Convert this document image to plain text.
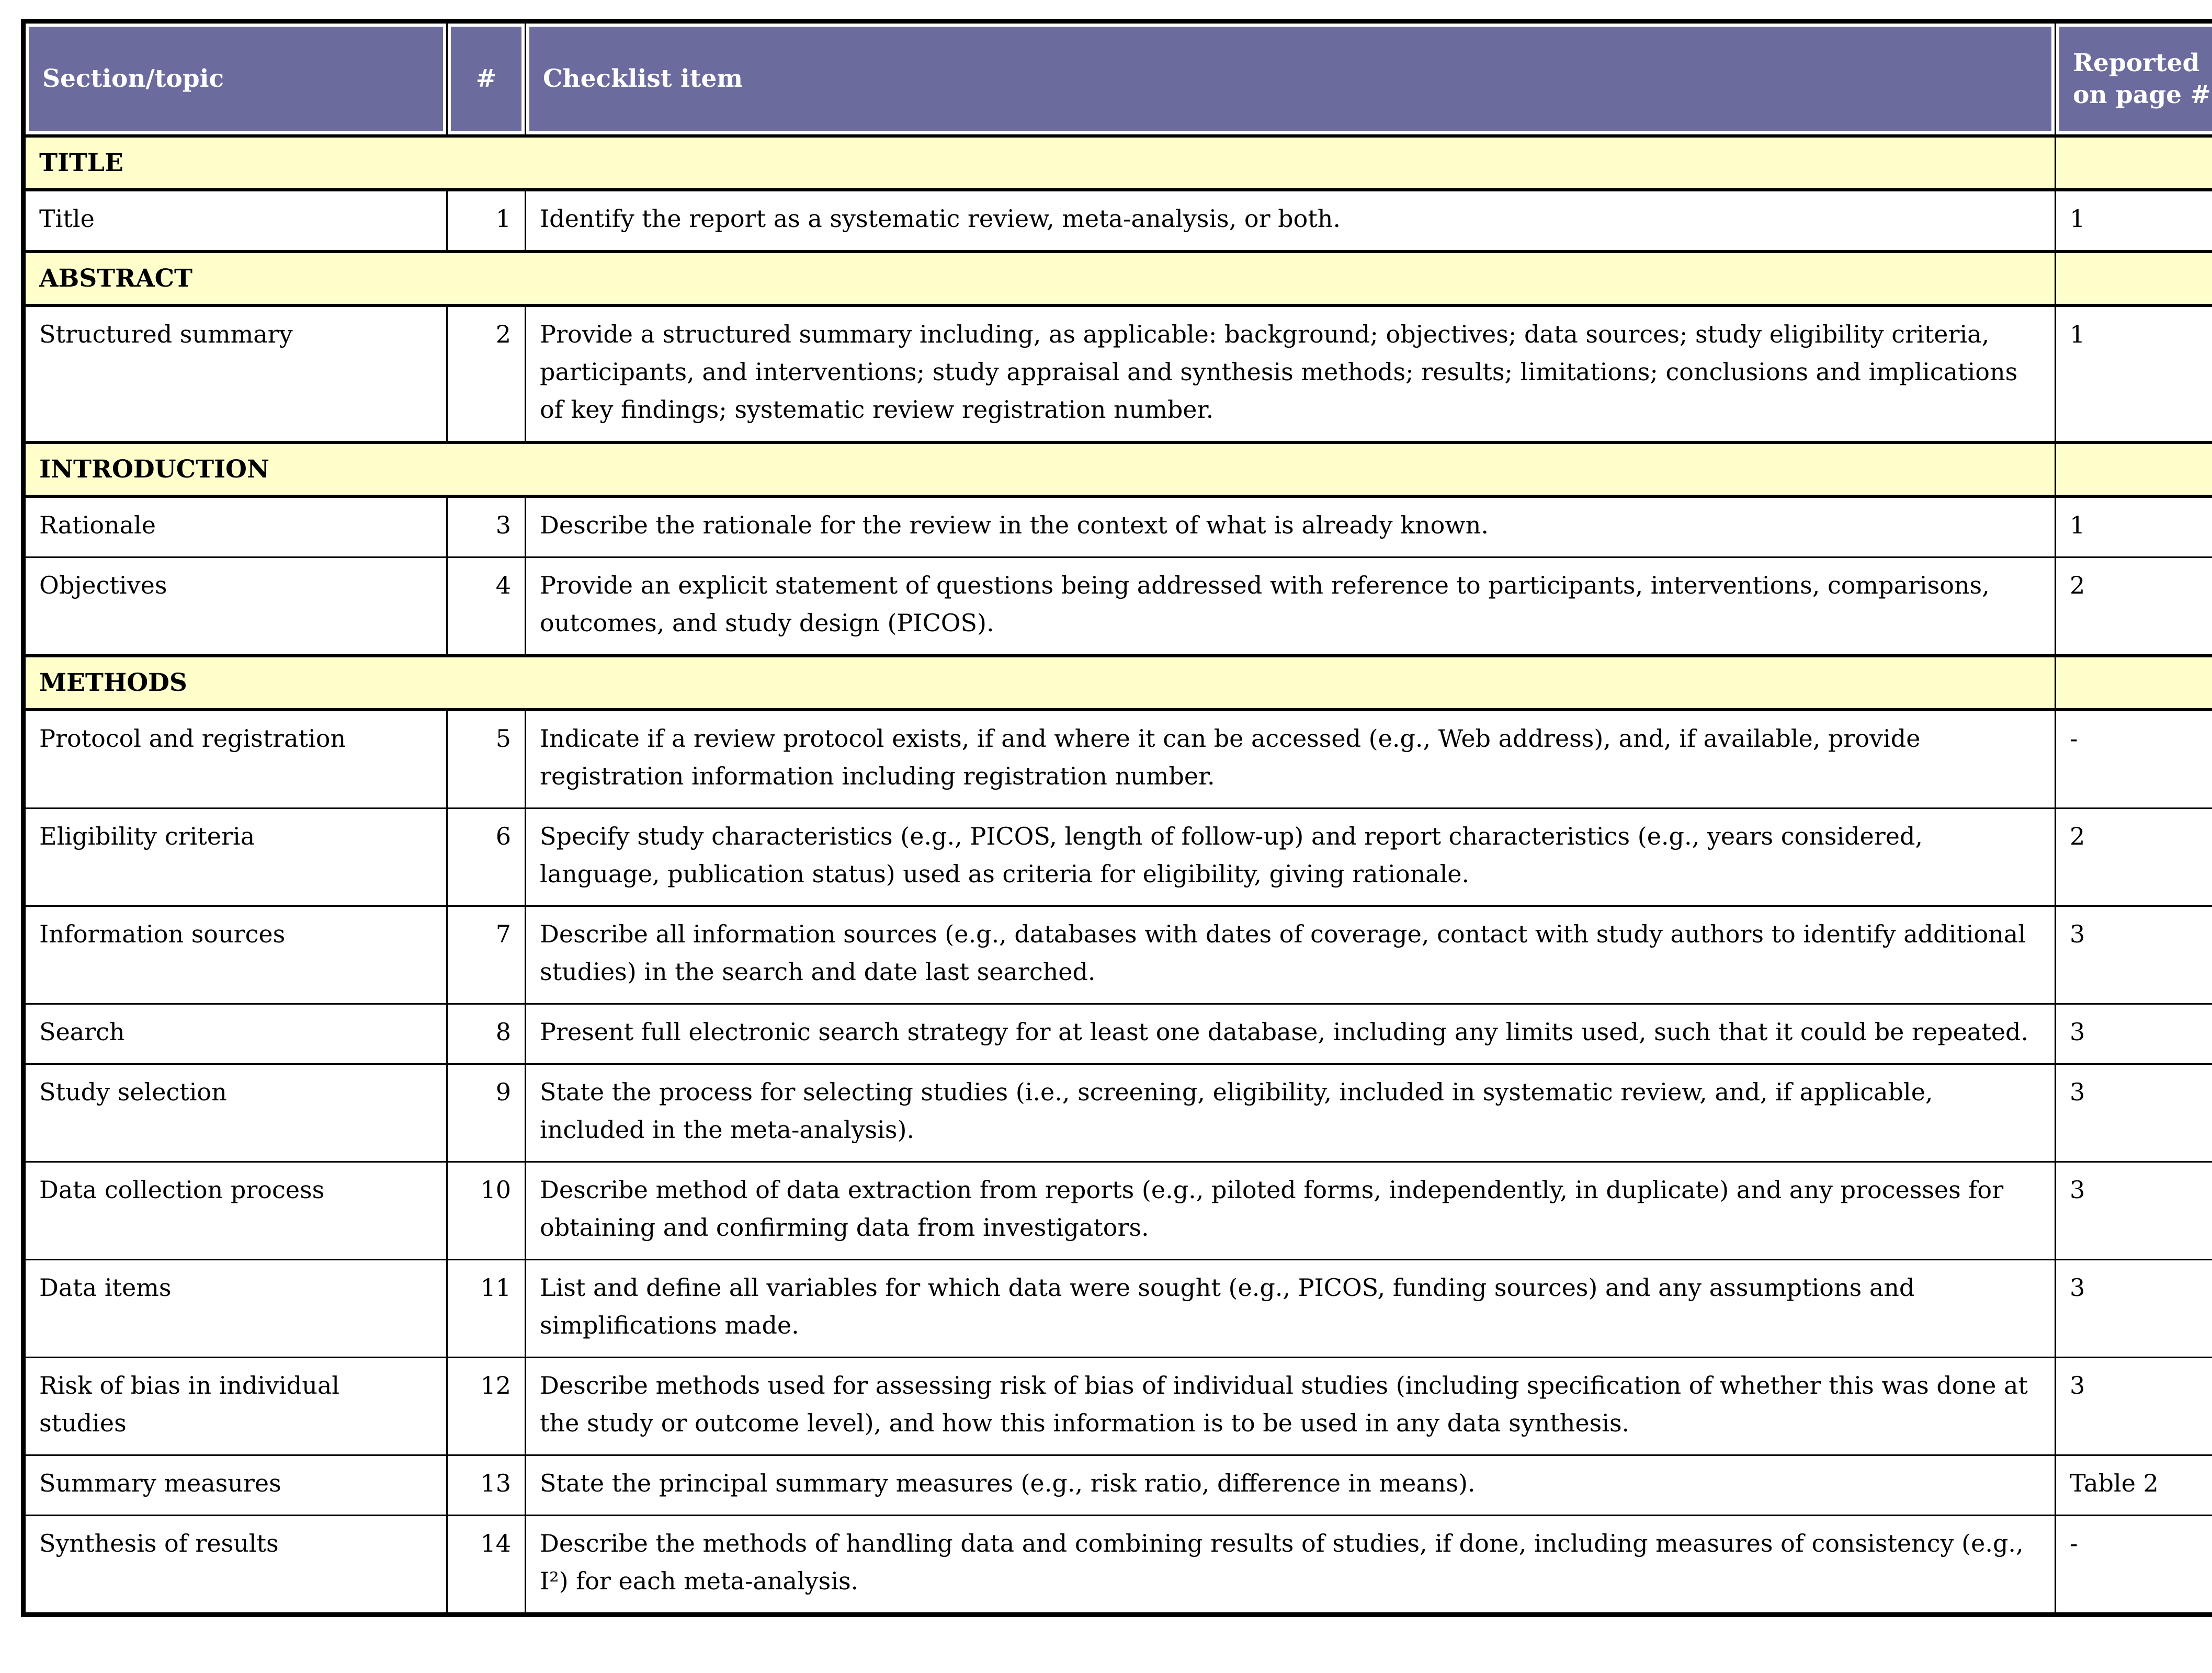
Section/topic	#	Checklist item	Reported on page #

TITLE			
Title	1	Identify the report as a systematic review, meta-analysis, or both.	1
ABSTRACT			
Structured summary	2	Provide a structured summary including, as applicable: background; objectives; data sources; study eligibility criteria, participants, and interventions; study appraisal and synthesis methods; results; limitations; conclusions and implications of key findings; systematic review registration number.	1
INTRODUCTION			
Rationale	3	Describe the rationale for the review in the context of what is already known.	1
Objectives	4	Provide an explicit statement of questions being addressed with reference to participants, interventions, comparisons, outcomes, and study design (PICOS).	2
METHODS			
Protocol and registration	5	Indicate if a review protocol exists, if and where it can be accessed (e.g., Web address), and, if available, provide registration information including registration number.	-
Eligibility criteria	6	Specify study characteristics (e.g., PICOS, length of follow-up) and report characteristics (e.g., years considered, language, publication status) used as criteria for eligibility, giving rationale.	2
Information sources	7	Describe all information sources (e.g., databases with dates of coverage, contact with study authors to identify additional studies) in the search and date last searched.	3
Search	8	Present full electronic search strategy for at least one database, including any limits used, such that it could be repeated.	3
Study selection	9	State the process for selecting studies (i.e., screening, eligibility, included in systematic review, and, if applicable, included in the meta-analysis).	3
Data collection process	10	Describe method of data extraction from reports (e.g., piloted forms, independently, in duplicate) and any processes for obtaining and confirming data from investigators.	3
Data items	11	List and define all variables for which data were sought (e.g., PICOS, funding sources) and any assumptions and simplifications made.	3
Risk of bias in individual studies	12	Describe methods used for assessing risk of bias of individual studies (including specification of whether this was done at the study or outcome level), and how this information is to be used in any data synthesis.	3
Summary measures	13	State the principal summary measures (e.g., risk ratio, difference in means).	Table 2
Synthesis of results	14	Describe the methods of handling data and combining results of studies, if done, including measures of consistency (e.g., I²) for each meta-analysis.	-
